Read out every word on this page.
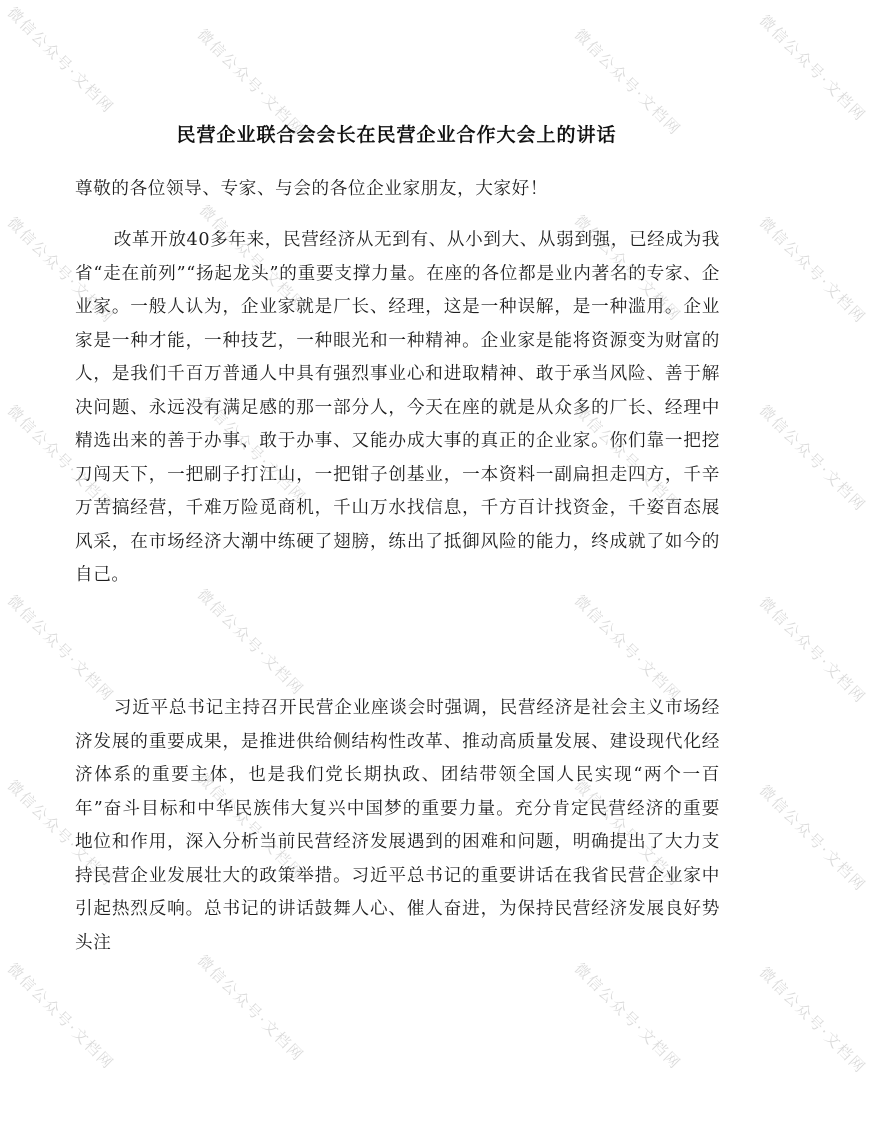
民营企业联合会会长在民营企业合作大会上的讲话

尊敬的各位领导、专家、与会的各位企业家朋友，大家好！

改革开放40多年来，民营经济从无到有、从小到大、从弱到强，已经成为我省“走在前列”“扬起龙头”的重要支撑力量。在座的各位都是业内著名的专家、企业家。一般人认为，企业家就是厂长、经理，这是一种误解，是一种滥用。企业家是一种才能，一种技艺，一种眼光和一种精神。企业家是能将资源变为财富的人，是我们千百万普通人中具有强烈事业心和进取精神、敢于承当风险、善于解决问题、永远没有满足感的那一部分人，今天在座的就是从众多的厂长、经理中精选出来的善于办事、敢于办事、又能办成大事的真正的企业家。你们靠一把挖刀闯天下，一把刷子打江山，一把钳子创基业，一本资料一副扁担走四方，千辛万苦搞经营，千难万险觅商机，千山万水找信息，千方百计找资金，千姿百态展风采，在市场经济大潮中练硬了翅膀，练出了抵御风险的能力，终成就了如今的自己。

习近平总书记主持召开民营企业座谈会时强调，民营经济是社会主义市场经济发展的重要成果，是推进供给侧结构性改革、推动高质量发展、建设现代化经济体系的重要主体，也是我们党长期执政、团结带领全国人民实现“两个一百年”奋斗目标和中华民族伟大复兴中国梦的重要力量。充分肯定民营经济的重要地位和作用，深入分析当前民营经济发展遇到的困难和问题，明确提出了大力支持民营企业发展壮大的政策举措。习近平总书记的重要讲话在我省民营企业家中引起热烈反响。总书记的讲话鼓舞人心、催人奋进，为保持民营经济发展良好势头注

微信公众号·文档网	微信公众号·文档网	微信公众号·文档网	微信公众号·文档网
微信公众号·文档网	微信公众号·文档网	微信公众号·文档网	微信公众号·文档网
微信公众号·文档网	微信公众号·文档网	微信公众号·文档网	微信公众号·文档网
微信公众号·文档网	微信公众号·文档网	微信公众号·文档网	微信公众号·文档网
微信公众号·文档网	微信公众号·文档网	微信公众号·文档网	微信公众号·文档网
微信公众号·文档网	微信公众号·文档网	微信公众号·文档网	微信公众号·文档网
